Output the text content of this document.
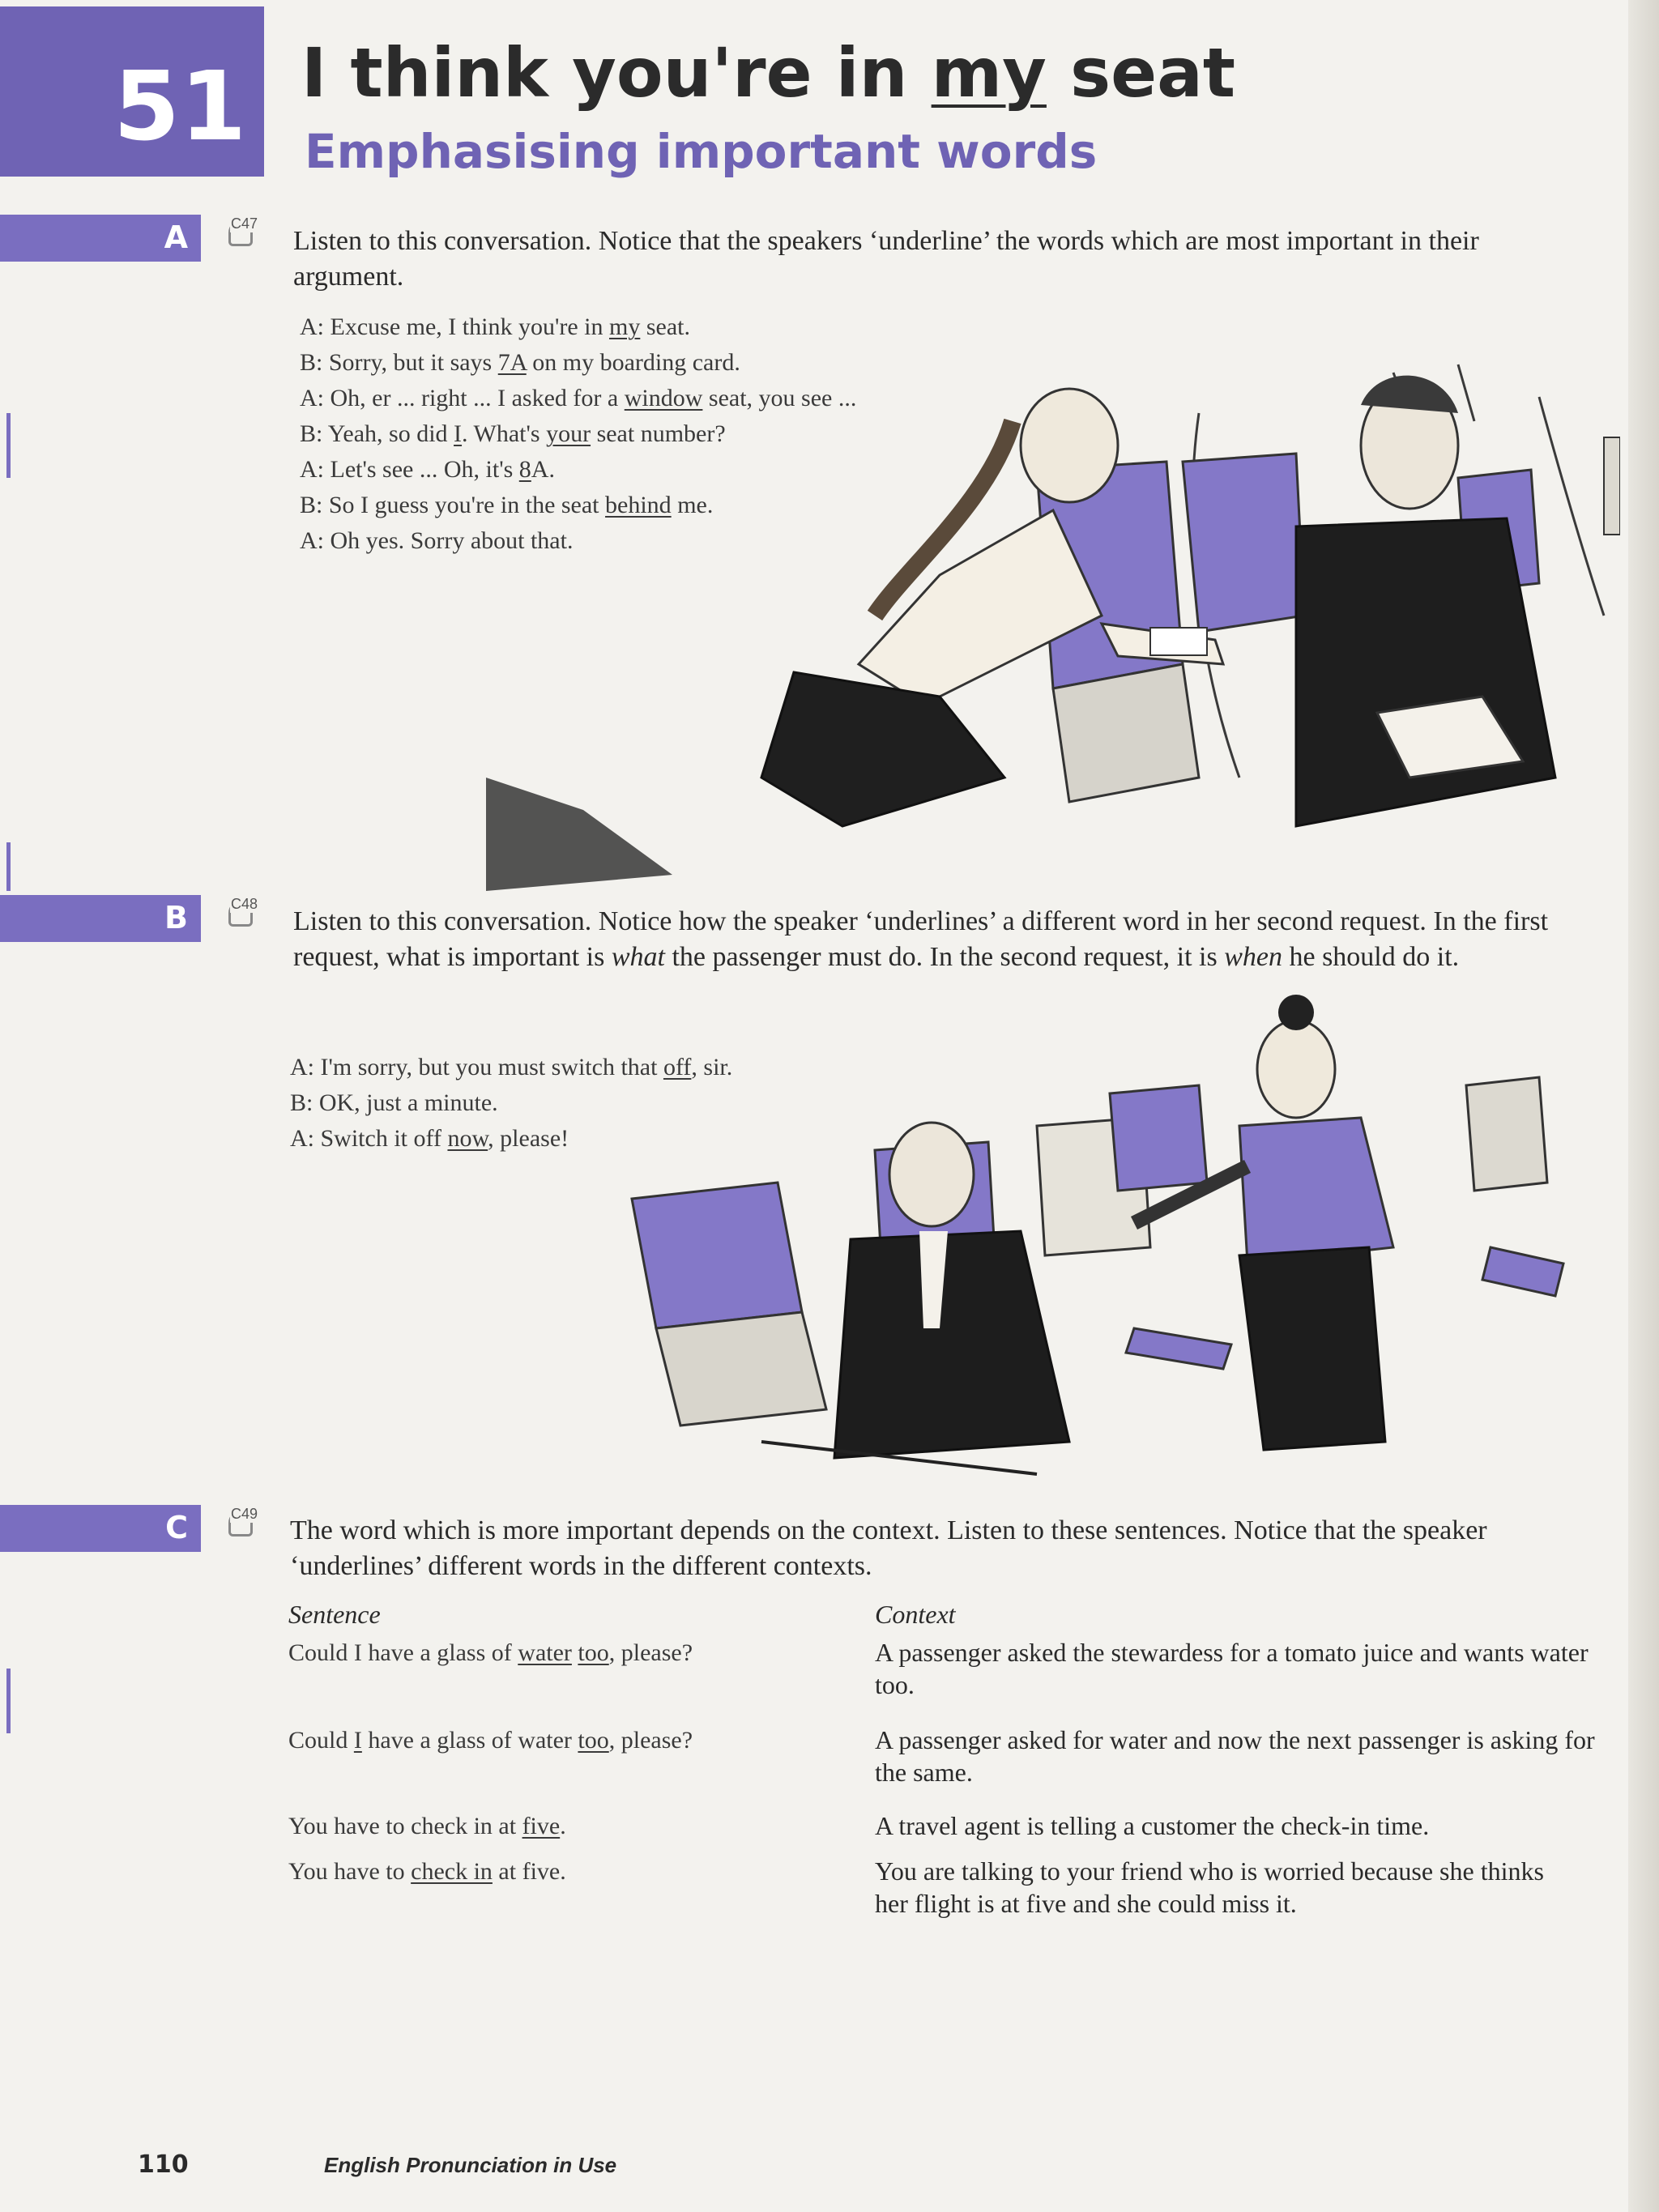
51 I think you're in my seat
Emphasising important words
A	C47
Listen to this conversation. Notice that the speakers ‘underline’ the words which are most important in their argument.
A: Excuse me, I think you're in my seat.
B: Sorry, but it says 7A on my boarding card.
A: Oh, er ... right ... I asked for a window seat, you see ...
B: Yeah, so did I. What's your seat number?
A: Let's see ... Oh, it's 8A.
B: So I guess you're in the seat behind me.
A: Oh yes. Sorry about that.
B	C48
Listen to this conversation. Notice how the speaker ‘underlines’ a different word in her second request. In the first request, what is important is what the passenger must do. In the second request, it is when he should do it.
A: I'm sorry, but you must switch that off, sir.
B: OK, just a minute.
A: Switch it off now, please!
C	C49
The word which is more important depends on the context. Listen to these sentences. Notice that the speaker ‘underlines’ different words in the different contexts.
Sentence	Context
Could I have a glass of water too, please?	A passenger asked the stewardess for a tomato juice and wants water too.
Could I have a glass of water too, please?	A passenger asked for water and now the next passenger is asking for the same.
You have to check in at five.	A travel agent is telling a customer the check-in time.
You have to check in at five.	You are talking to your friend who is worried because she thinks her flight is at five and she could miss it.
110	English Pronunciation in Use
